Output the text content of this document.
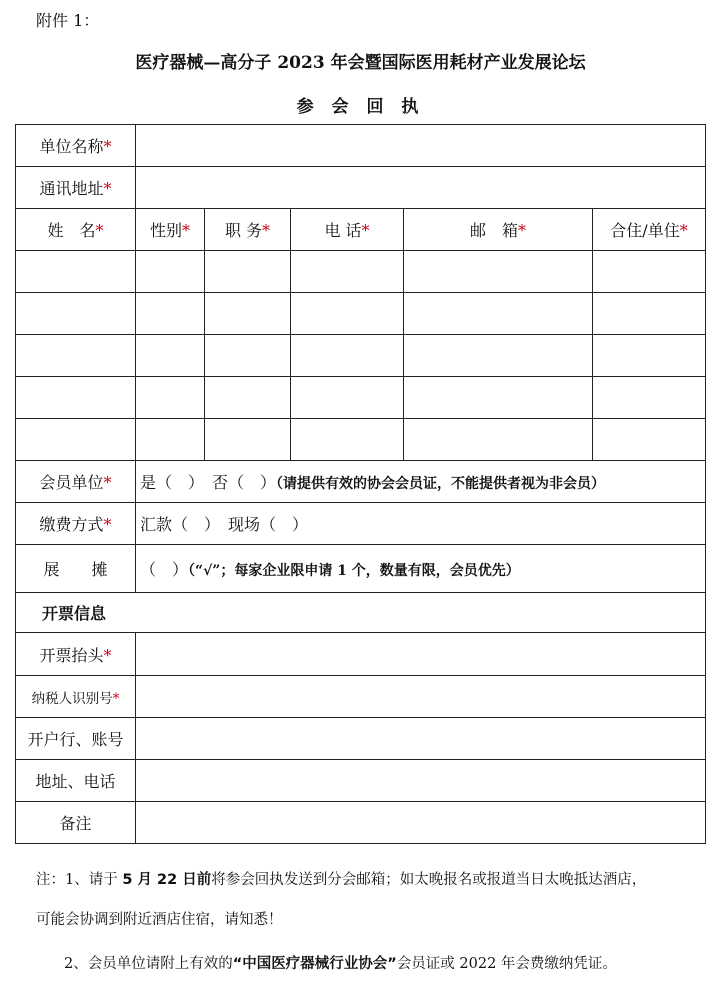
附件 1：
医疗器械—高分子 2023 年会暨国际医用耗材产业发展论坛
参 会 回 执
单位名称*					
通讯地址*					
姓　名*	性别*	职 务*	电 话*	邮　箱*	合住/单住*

会员单位*	是（　）　否（　）（请提供有效的协会会员证，不能提供者视为非会员）				
缴费方式*	汇款（　）　现场（　）				
展　　摊	（　）（“√”；每家企业限申请 1 个，数量有限，会员优先）				
开票信息					
开票抬头*					
纳税人识别号*					
开户行、账号					
地址、电话					
备注					
注：1、请于 5 月 22 日前将参会回执发送到分会邮箱；如太晚报名或报道当日太晚抵达酒店，
可能会协调到附近酒店住宿，请知悉！
2、会员单位请附上有效的“中国医疗器械行业协会”会员证或 2022 年会费缴纳凭证。
